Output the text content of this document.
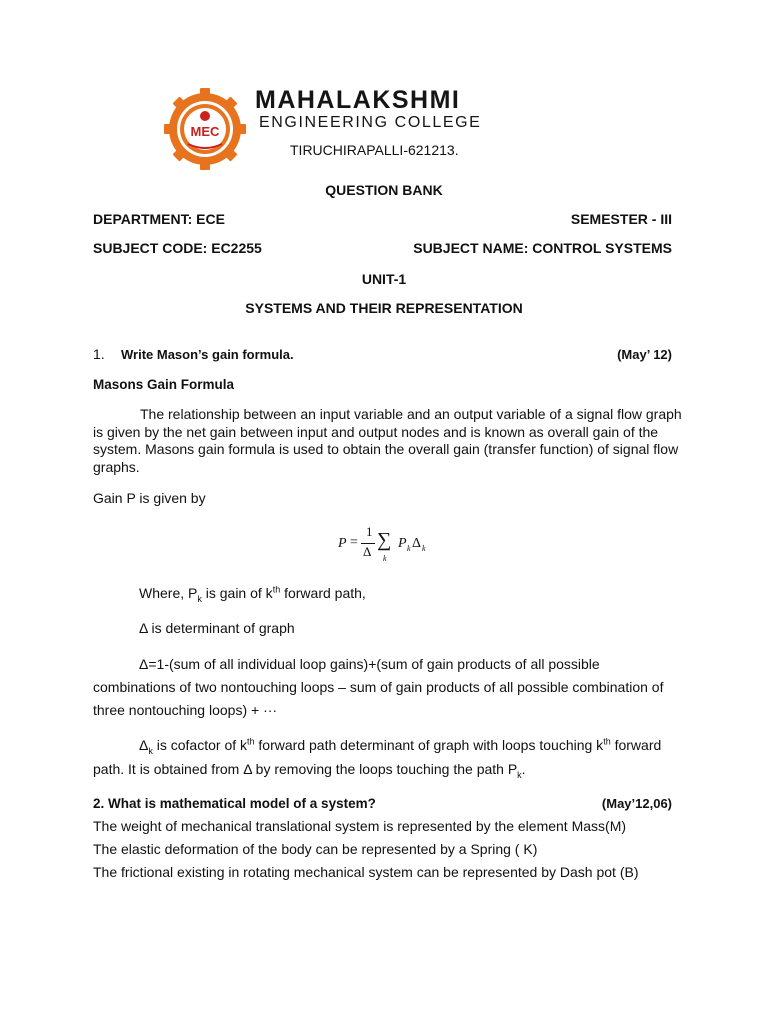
MEC
MAHALAKSHMI
ENGINEERING COLLEGE
TIRUCHIRAPALLI-621213.
QUESTION BANK
DEPARTMENT: ECE	SEMESTER - III
SUBJECT CODE: EC2255	SUBJECT NAME: CONTROL SYSTEMS
UNIT-1
SYSTEMS AND THEIR REPRESENTATION
1. Write Mason’s gain formula.	(May’ 12)
Masons Gain Formula
The relationship between an input variable and an output variable of a signal flow graph is given by the net gain between input and output nodes and is known as overall gain of the system. Masons gain formula is used to obtain the overall gain (transfer function) of signal flow graphs.
Gain P is given by
P =
1
Δ
∑
k
P k Δ k
Where, $P_k$ is gain of $k^{th}$ forward path,
Δ is determinant of graph
Δ=1-(sum of all individual loop gains)+(sum of gain products of all possible
combinations of two nontouching loops – sum of gain products of all possible combination of
three nontouching loops) + ···
$\Delta_k$ is cofactor of $k^{th}$ forward path determinant of graph with loops touching $k^{th}$ forward
path. It is obtained from Δ by removing the loops touching the path $P_k$.
2. What is mathematical model of a system?	(May’12,06)
The weight of mechanical translational system is represented by the element Mass(M)
The elastic deformation of the body can be represented by a Spring ( K)
The frictional existing in rotating mechanical system can be represented by Dash pot (B)
